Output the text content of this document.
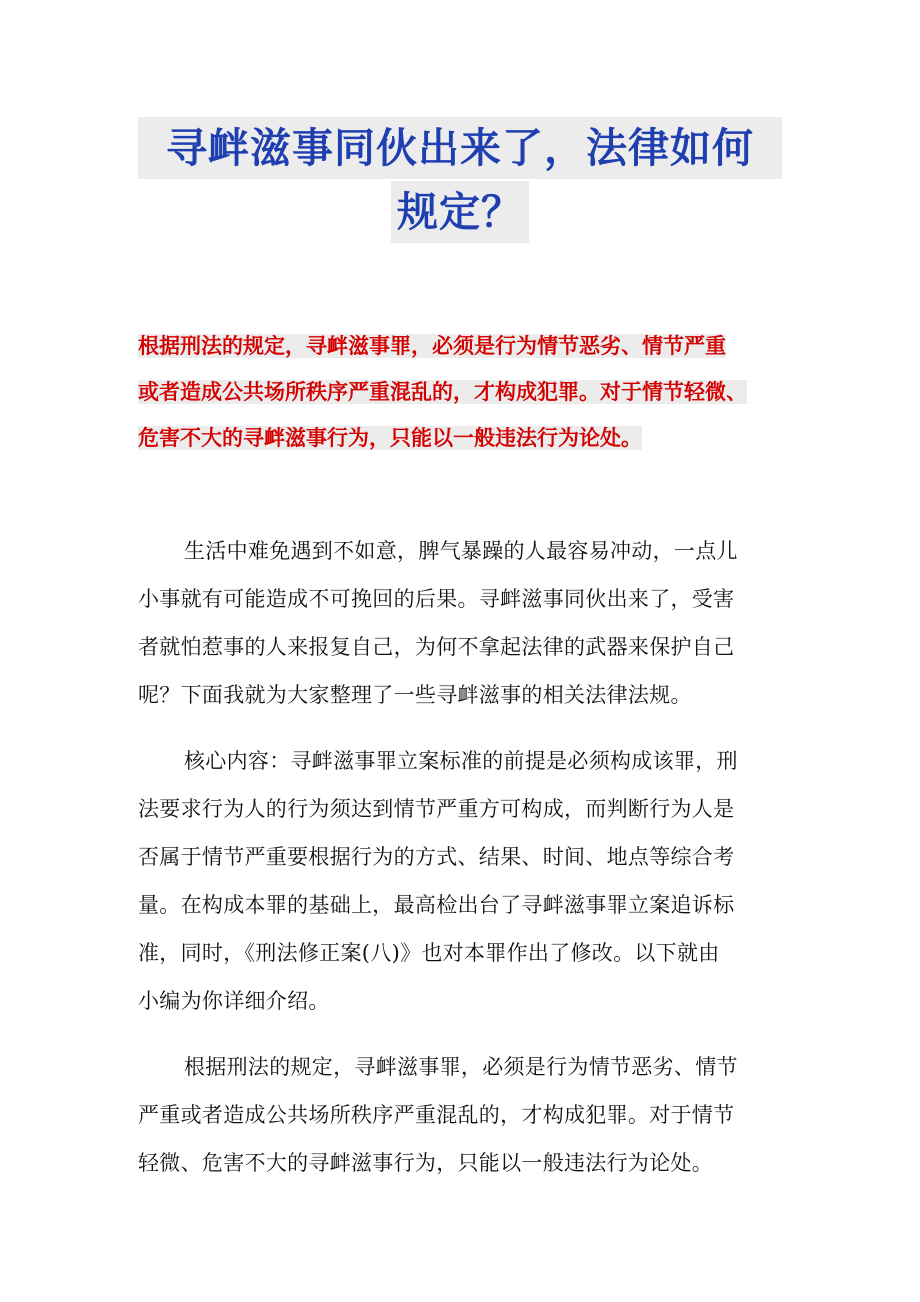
寻衅滋事同伙出来了，法律如何
规定？
根据刑法的规定，寻衅滋事罪，必须是行为情节恶劣、情节严重
或者造成公共场所秩序严重混乱的，才构成犯罪。对于情节轻微、
危害不大的寻衅滋事行为，只能以一般违法行为论处。
生活中难免遇到不如意，脾气暴躁的人最容易冲动，一点儿
小事就有可能造成不可挽回的后果。寻衅滋事同伙出来了，受害
者就怕惹事的人来报复自己，为何不拿起法律的武器来保护自己
呢？下面我就为大家整理了一些寻衅滋事的相关法律法规。
核心内容：寻衅滋事罪立案标准的前提是必须构成该罪，刑
法要求行为人的行为须达到情节严重方可构成，而判断行为人是
否属于情节严重要根据行为的方式、结果、时间、地点等综合考
量。在构成本罪的基础上，最高检出台了寻衅滋事罪立案追诉标
准，同时，《刑法修正案(八)》也对本罪作出了修改。以下就由
小编为你详细介绍。
根据刑法的规定，寻衅滋事罪，必须是行为情节恶劣、情节
严重或者造成公共场所秩序严重混乱的，才构成犯罪。对于情节
轻微、危害不大的寻衅滋事行为，只能以一般违法行为论处。
